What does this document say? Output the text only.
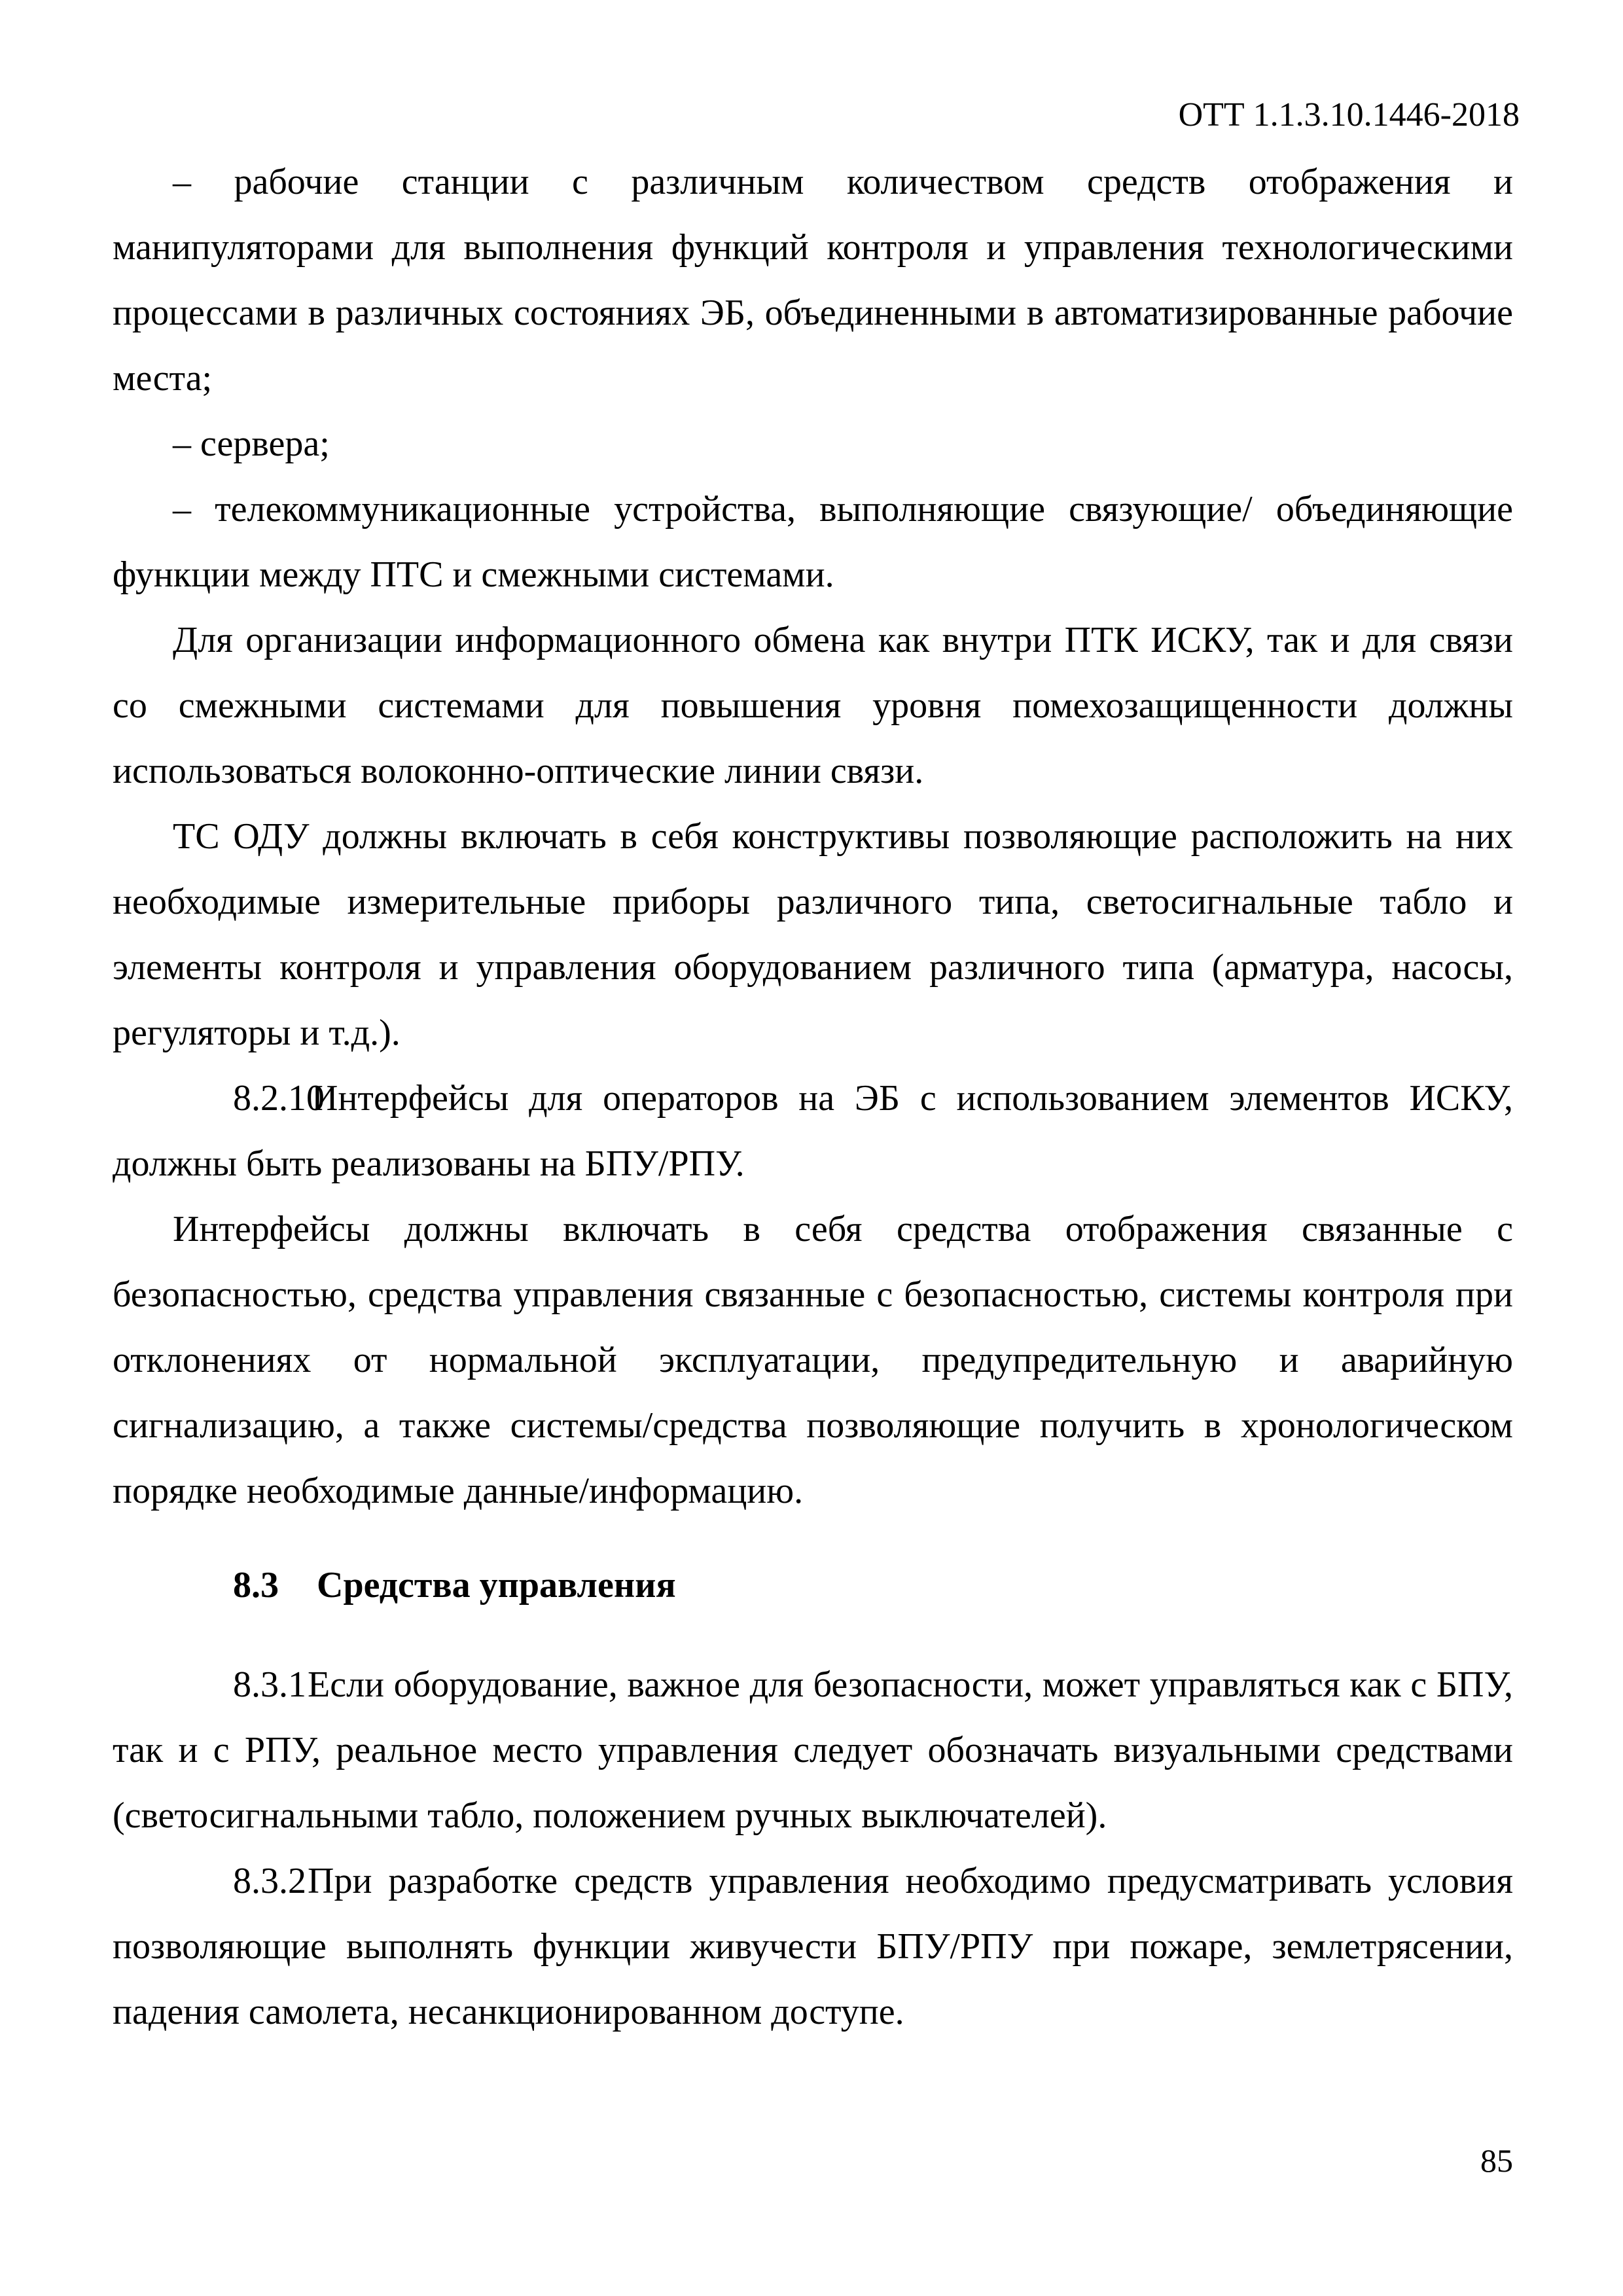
ОТТ 1.1.3.10.1446-2018

– рабочие станции с различным количеством средств отображения и манипуляторами для выполнения функций контроля и управления технологическими процессами в различных состояниях ЭБ, объединенными в автоматизированные рабочие места;

– сервера;

– телекоммуникационные устройства, выполняющие связующие/ объединяющие функции между ПТС и смежными системами.

Для организации информационного обмена как внутри ПТК ИСКУ, так и для связи со смежными системами для повышения уровня помехозащищенности должны использоваться волоконно-оптические линии связи.

ТС ОДУ должны включать в себя конструктивы позволяющие расположить на них необходимые измерительные приборы различного типа, светосигнальные табло и элементы контроля и управления оборудованием различного типа (арматура, насосы, регуляторы и т.д.).

8.2.10Интерфейсы для операторов на ЭБ с использованием элементов ИСКУ, должны быть реализованы на БПУ/РПУ.

Интерфейсы должны включать в себя средства отображения связанные с безопасностью, средства управления связанные с безопасностью, системы контроля при отклонениях от нормальной эксплуатации, предупредительную и аварийную сигнализацию, а также системы/средства позволяющие получить в хронологическом порядке необходимые данные/информацию.

8.3 Средства управления

8.3.1Если оборудование, важное для безопасности, может управляться как с БПУ, так и с РПУ, реальное место управления следует обозначать визуальными средствами (светосигнальными табло, положением ручных выключателей).

8.3.2При разработке средств управления необходимо предусматривать условия позволяющие выполнять функции живучести БПУ/РПУ при пожаре, землетрясении, падения самолета, несанкционированном доступе.

85
